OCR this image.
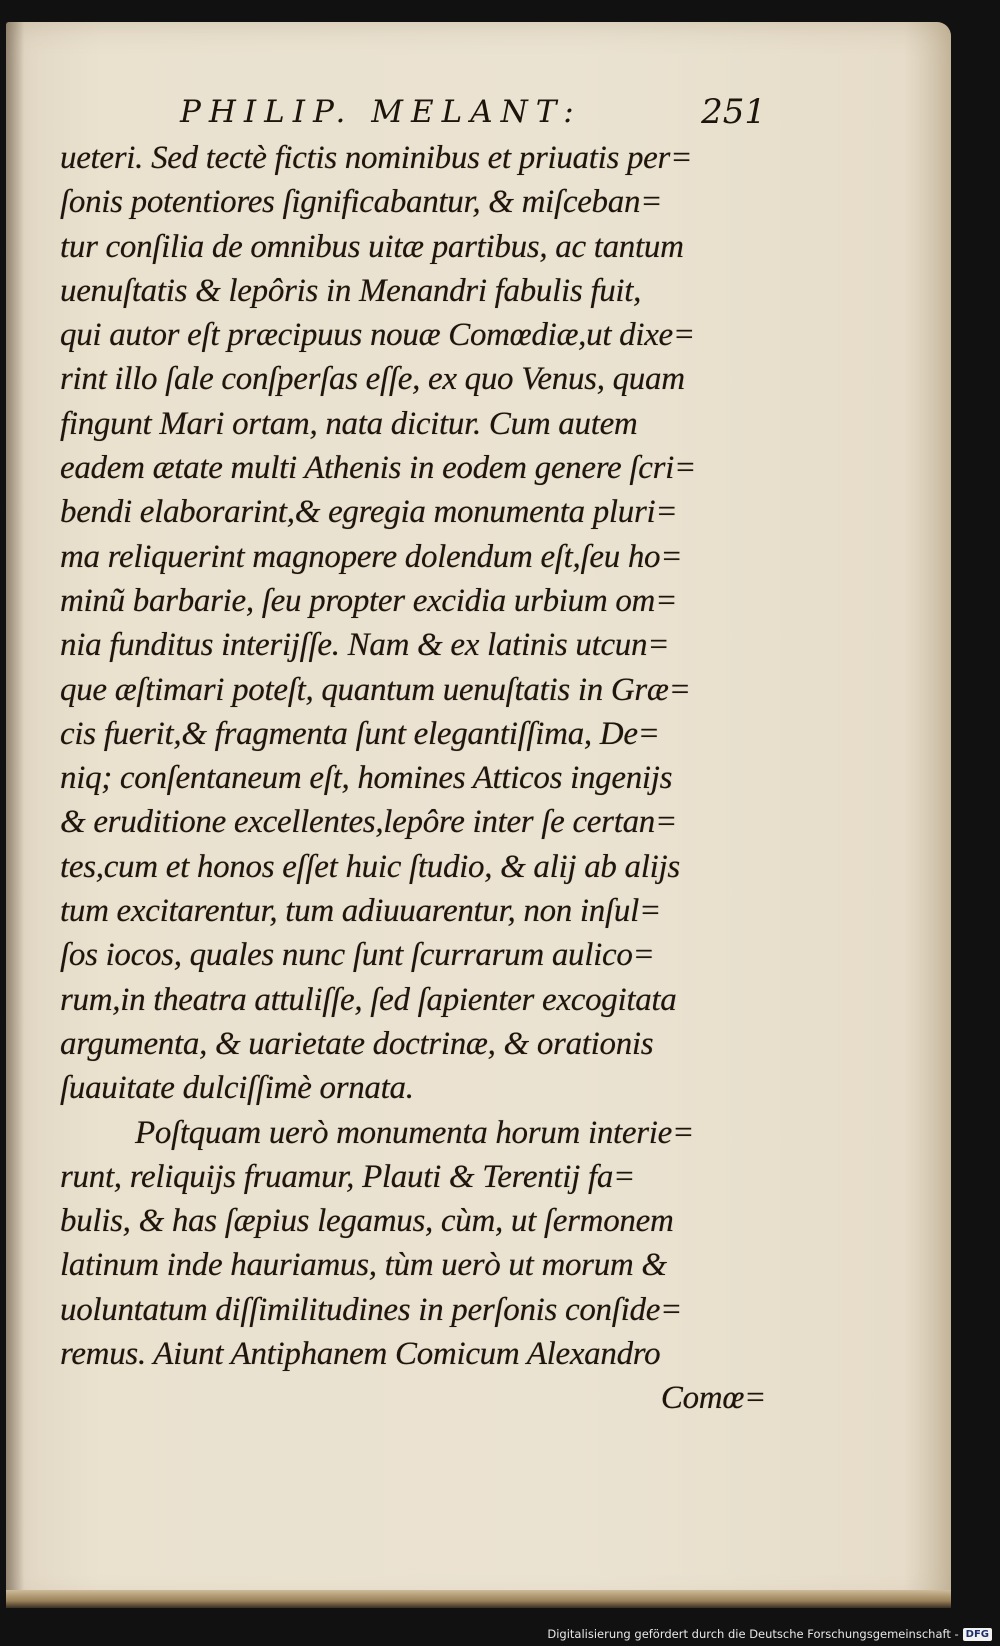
PHILIP. MELANT:	251
ueteri. Sed tectè fictis nominibus et priuatis per=
ſonis potentiores ſignificabantur, & miſceban=
tur conſilia de omnibus uitæ partibus, ac tantum
uenuſtatis & lepôris in Menandri fabulis fuit,
qui autor eſt præcipuus nouæ Comœdiæ,ut dixe=
rint illo ſale conſperſas eſſe, ex quo Venus, quam
fingunt Mari ortam, nata dicitur. Cum autem
eadem ætate multi Athenis in eodem genere ſcri=
bendi elaborarint,& egregia monumenta pluri=
ma reliquerint magnopere dolendum eſt,ſeu ho=
minũ barbarie, ſeu propter excidia urbium om=
nia funditus interijſſe. Nam & ex latinis utcun=
que æſtimari poteſt, quantum uenuſtatis in Græ=
cis fuerit,& fragmenta ſunt elegantiſſima, De=
niq; conſentaneum eſt, homines Atticos ingenijs
& eruditione excellentes,lepôre inter ſe certan=
tes,cum et honos eſſet huic ſtudio, & alij ab alijs
tum excitarentur, tum adiuuarentur, non inſul=
ſos iocos, quales nunc ſunt ſcurrarum aulico=
rum,in theatra attuliſſe, ſed ſapienter excogitata
argumenta, & uarietate doctrinæ, & orationis
ſuauitate dulciſſimè ornata.
Poſtquam uerò monumenta horum interie=
runt, reliquijs fruamur, Plauti & Terentij fa=
bulis, & has ſæpius legamus, cùm, ut ſermonem
latinum inde hauriamus, tùm uerò ut morum &
uoluntatum diſſimilitudines in perſonis conſide=
remus. Aiunt Antiphanem Comicum Alexandro
Comœ=
Digitalisierung gefördert durch die Deutsche Forschungsgemeinschaft - DFG
